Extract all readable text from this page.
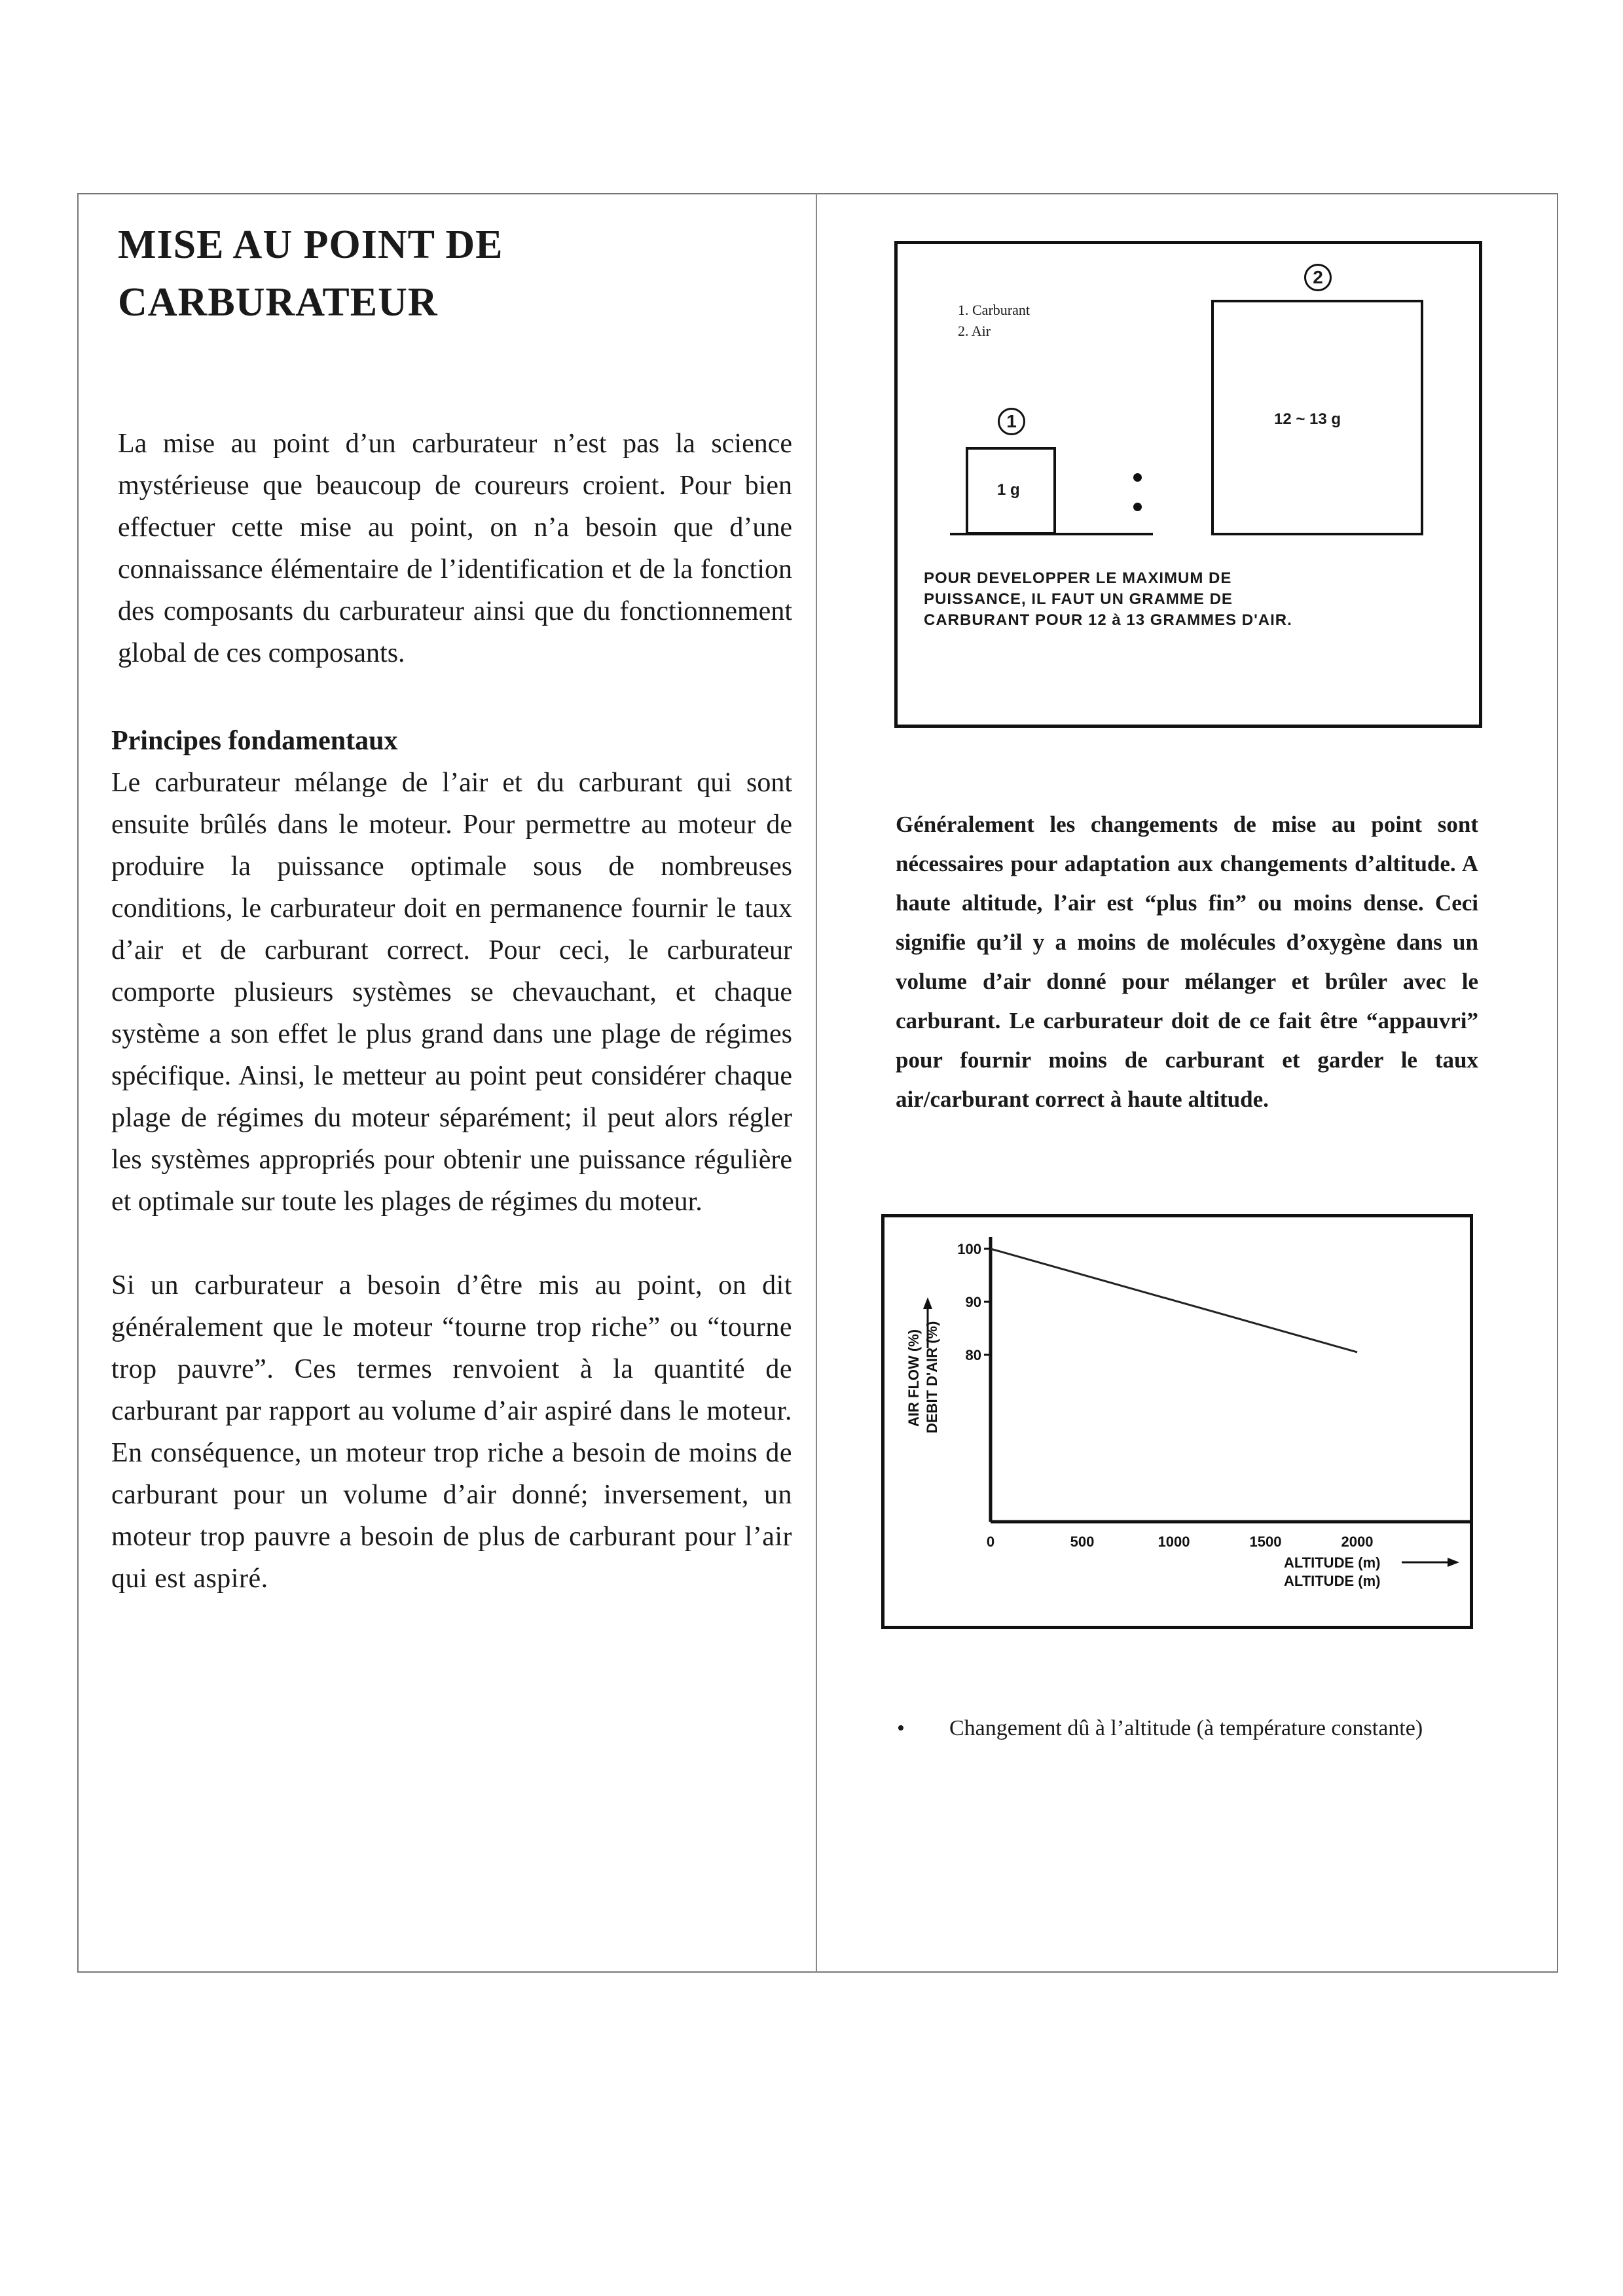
MISE AU POINT DE
CARBURATEUR

La mise au point d’un carburateur n’est pas la science mystérieuse que beaucoup de coureurs croient. Pour bien effectuer cette mise au point, on n’a besoin que d’une connaissance élémentaire de l’identification et de la fonction des composants du carburateur ainsi que du fonctionnement global de ces composants.

Principes fondamentaux

Le carburateur mélange de l’air et du carburant qui sont ensuite brûlés dans le moteur. Pour permettre au moteur de produire la puissance optimale sous de nombreuses conditions, le carburateur doit en permanence fournir le taux d’air et de carburant correct. Pour ceci, le carburateur comporte plusieurs systèmes se chevauchant, et chaque système a son effet le plus grand dans une plage de régimes spécifique. Ainsi, le metteur au point peut considérer chaque plage de régimes du moteur séparément; il peut alors régler les systèmes appropriés pour obtenir une puissance régulière et optimale sur toute les plages de régimes du moteur.

Si un carburateur a besoin d’être mis au point, on dit généralement que le moteur “tourne trop riche” ou “tourne trop pauvre”. Ces termes renvoient à la quantité de carburant par rapport au volume d’air aspiré dans le moteur. En conséquence, un moteur trop riche a besoin de moins de carburant pour un volume d’air donné; inversement, un moteur trop pauvre a besoin de plus de carburant pour l’air qui est aspiré.

1. Carburant
2. Air
1
2
1 g
12 ~ 13 g
POUR DEVELOPPER LE MAXIMUM DE
PUISSANCE, IL FAUT UN GRAMME DE
CARBURANT POUR 12 à 13 GRAMMES D'AIR.

Généralement les changements de mise au point sont nécessaires pour adaptation aux changements d’altitude. A haute altitude, l’air est “plus fin” ou moins dense. Ceci signifie qu’il y a moins de molécules d’oxygène dans un volume d’air donné pour mélanger et brûler avec le carburant. Le carburateur doit de ce fait être “appauvri” pour fournir moins de carburant et garder le taux air/carburant correct à haute altitude.

100
90
80
0	500	1000	1500	2000
ALTITUDE (m)
ALTITUDE (m)
AIR FLOW (%) DEBIT D'AIR (%)
• Changement dû à l’altitude (à température constante)
